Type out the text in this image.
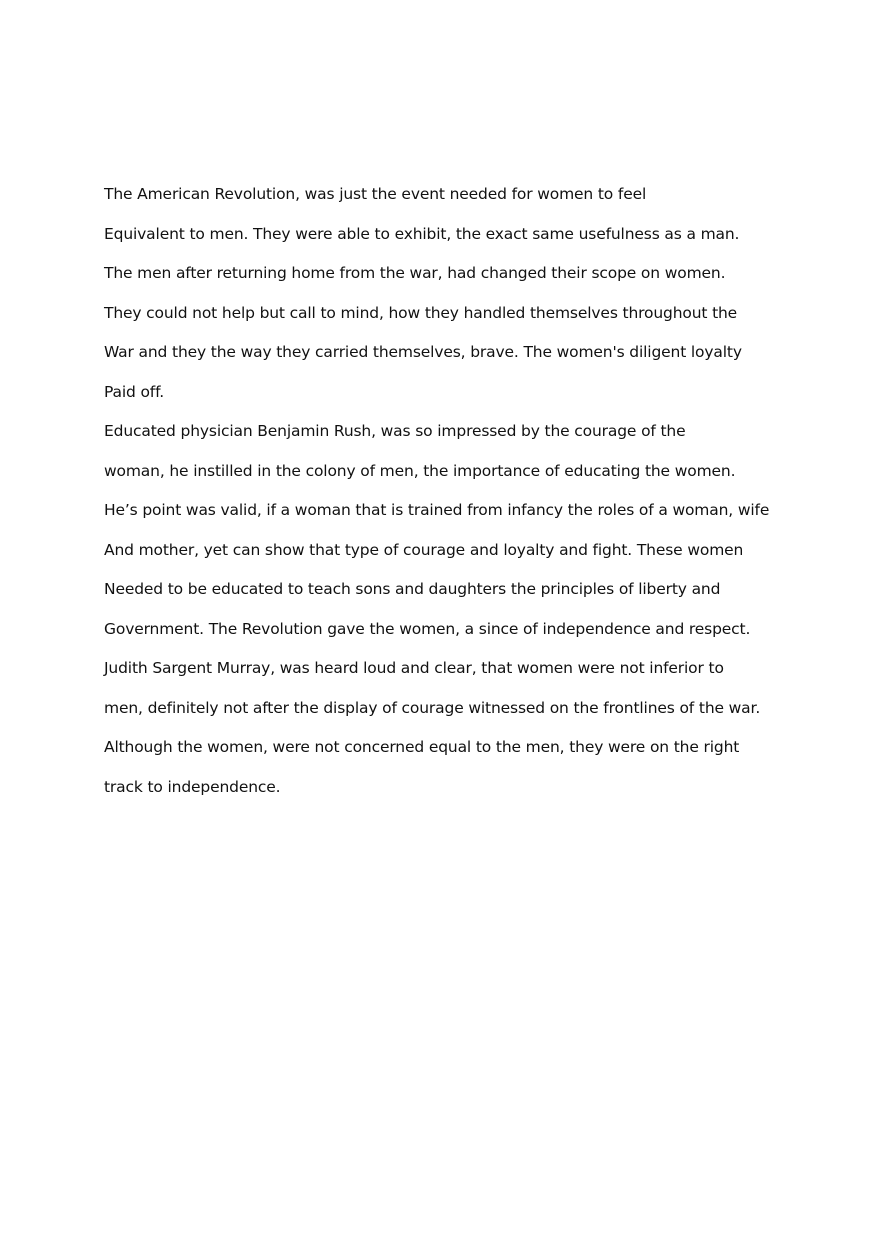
The American Revolution, was just the event needed for women to feel
Equivalent to men. They were able to exhibit, the exact same usefulness as a man.
The men after returning home from the war, had changed their scope on women.
They could not help but call to mind, how they handled themselves throughout the
War and they the way they carried themselves, brave. The women's diligent loyalty
Paid off.
Educated physician Benjamin Rush, was so impressed by the courage of the
woman, he instilled in the colony of men, the importance of educating the women.
He’s point was valid, if a woman that is trained from infancy the roles of a woman, wife
And mother, yet can show that type of courage and loyalty and fight. These women
Needed to be educated to teach sons and daughters the principles of liberty and
Government. The Revolution gave the women, a since of independence and respect.
Judith Sargent Murray, was heard loud and clear, that women were not inferior to
men, definitely not after the display of courage witnessed on the frontlines of the war.
Although the women, were not concerned equal to the men, they were on the right
track to independence.
